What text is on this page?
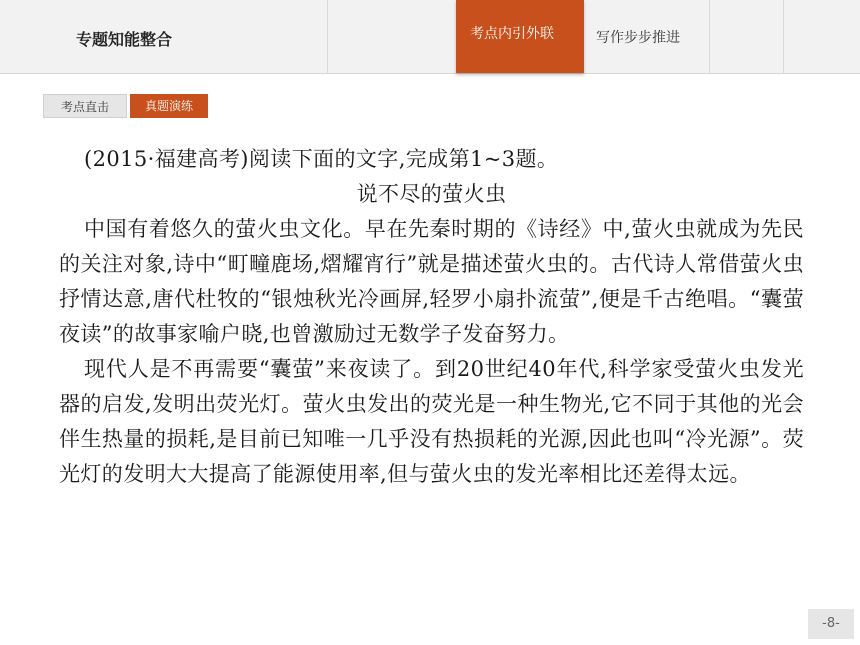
专题知能整合	考点内引外联	写作步步推进
考点直击	真题演练
(2015·福建高考)阅读下面的文字,完成第1~3题。
说不尽的萤火虫
中国有着悠久的萤火虫文化。早在先秦时期的《诗经》中,萤火虫就成为先民的关注对象,诗中“町疃鹿场,熠耀宵行”就是描述萤火虫的。古代诗人常借萤火虫抒情达意,唐代杜牧的“银烛秋光冷画屏,轻罗小扇扑流萤”,便是千古绝唱。“囊萤夜读”的故事家喻户晓,也曾激励过无数学子发奋努力。
现代人是不再需要“囊萤”来夜读了。到20世纪40年代,科学家受萤火虫发光器的启发,发明出荧光灯。萤火虫发出的荧光是一种生物光,它不同于其他的光会伴生热量的损耗,是目前已知唯一几乎没有热损耗的光源,因此也叫“冷光源”。荧光灯的发明大大提高了能源使用率,但与萤火虫的发光率相比还差得太远。
-8-
